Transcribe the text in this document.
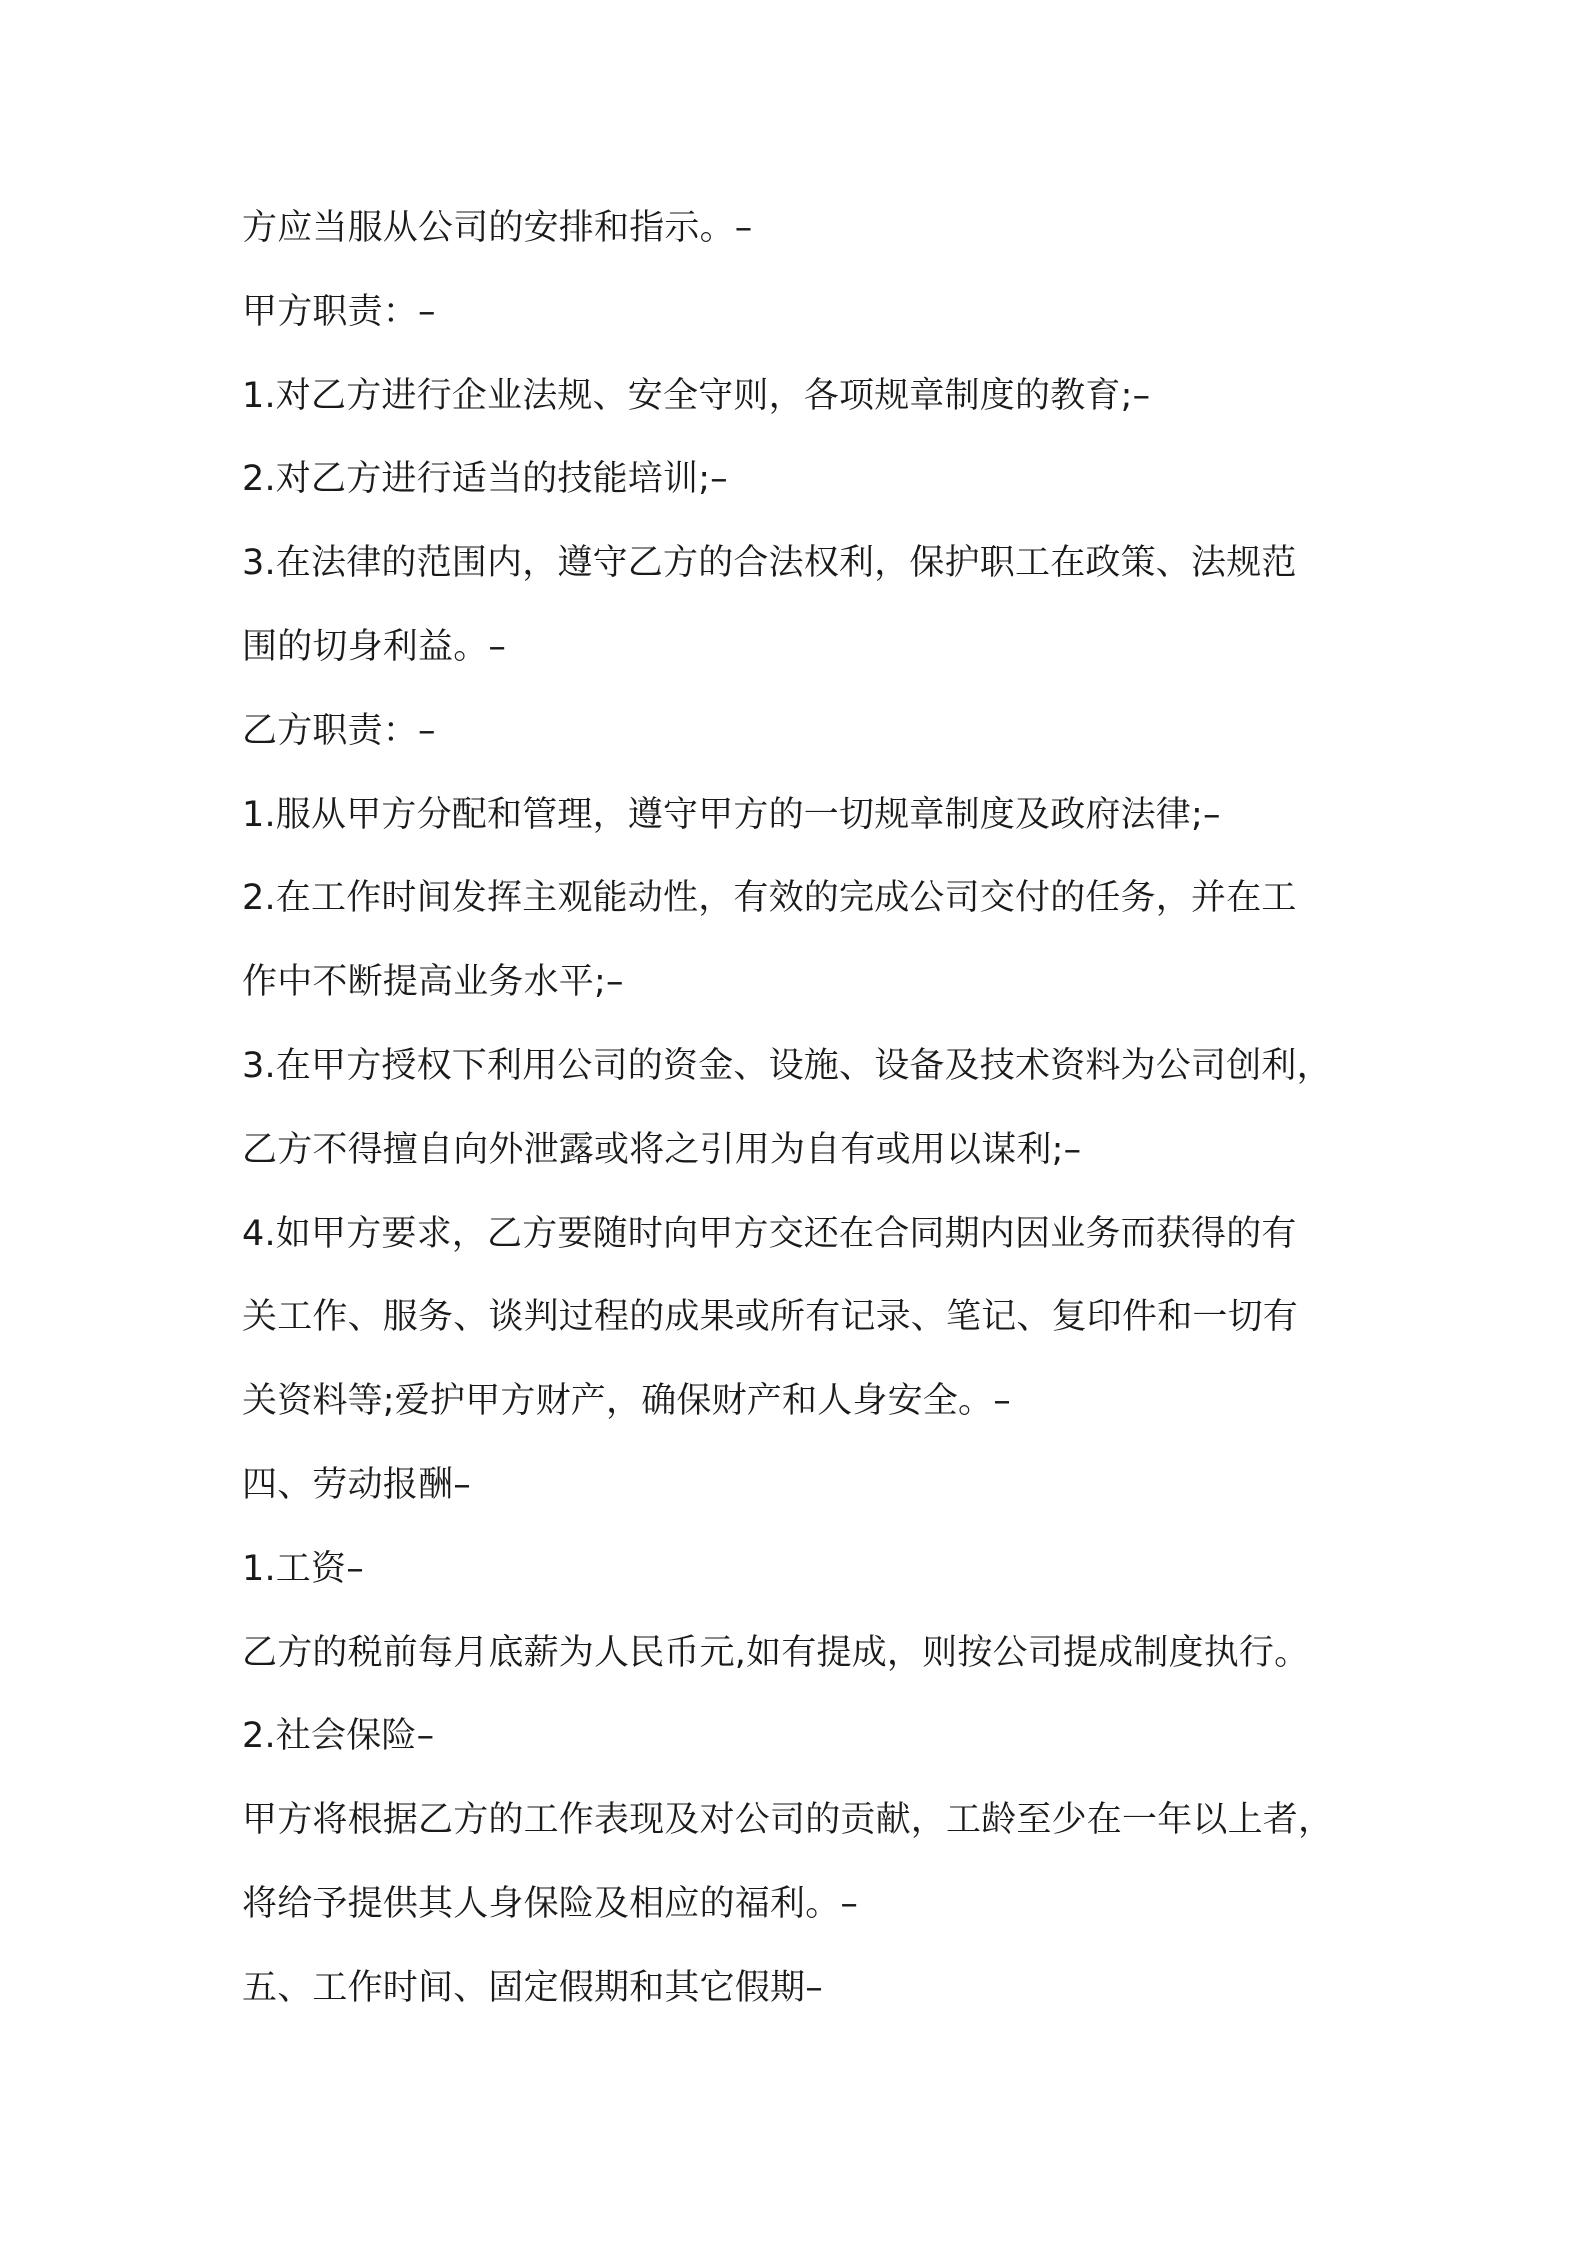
方应当服从公司的安排和指示。–
甲方职责：–
1.对乙方进行企业法规、安全守则，各项规章制度的教育;–
2.对乙方进行适当的技能培训;–
3.在法律的范围内，遵守乙方的合法权利，保护职工在政策、法规范
围的切身利益。–
乙方职责：–
1.服从甲方分配和管理，遵守甲方的一切规章制度及政府法律;–
2.在工作时间发挥主观能动性，有效的完成公司交付的任务，并在工
作中不断提高业务水平;–
3.在甲方授权下利用公司的资金、设施、设备及技术资料为公司创利，
乙方不得擅自向外泄露或将之引用为自有或用以谋利;–
4.如甲方要求，乙方要随时向甲方交还在合同期内因业务而获得的有
关工作、服务、谈判过程的成果或所有记录、笔记、复印件和一切有
关资料等;爱护甲方财产，确保财产和人身安全。–
四、劳动报酬–
1.工资–
乙方的税前每月底薪为人民币元,如有提成，则按公司提成制度执行。
2.社会保险–
甲方将根据乙方的工作表现及对公司的贡献，工龄至少在一年以上者，
将给予提供其人身保险及相应的福利。–
五、工作时间、固定假期和其它假期–
